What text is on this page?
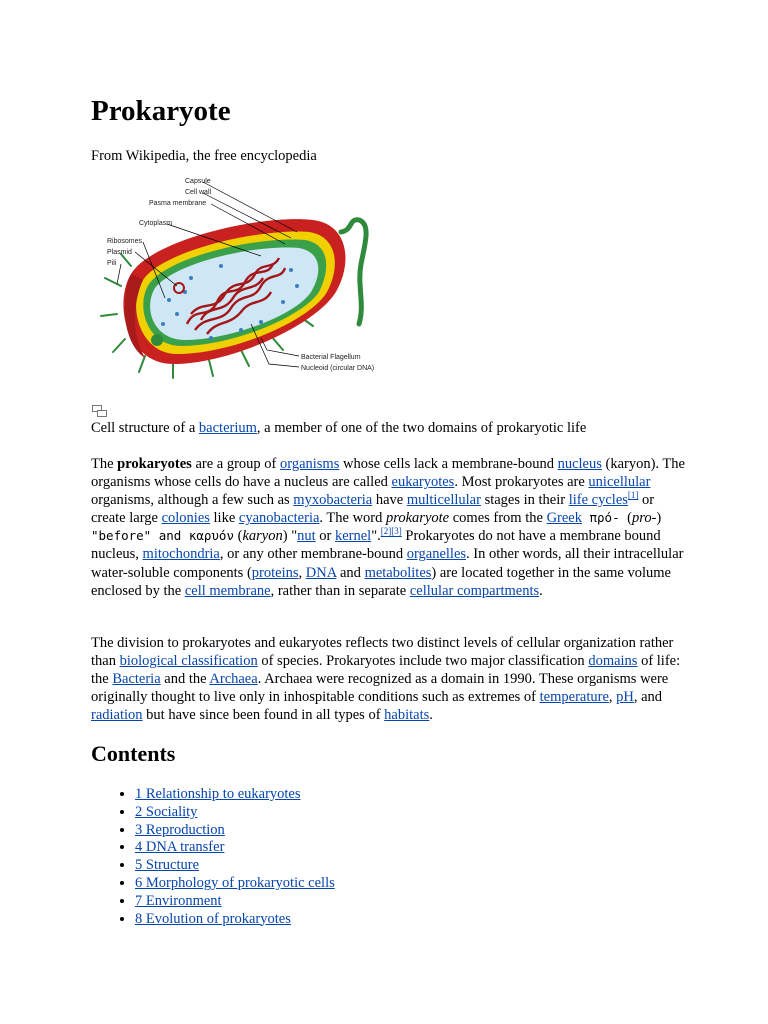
Prokaryote
From Wikipedia, the free encyclopedia
Capsule
Cell wall
Pasma membrane
Cytoplasm
Ribosomes
Plasmid
Pili
Bacterial Flagellum
Nucleoid (circular DNA)
Cell structure of a bacterium, a member of one of the two domains of prokaryotic life

The prokaryotes are a group of organisms whose cells lack a membrane-bound nucleus (karyon). The organisms whose cells do have a nucleus are called eukaryotes. Most prokaryotes are unicellular organisms, although a few such as myxobacteria have multicellular stages in their life cycles[1] or create large colonies like cyanobacteria. The word prokaryote comes from the Greek πρό- (pro-) "before" and καρυόν (karyon) "nut or kernel".[2][3] Prokaryotes do not have a membrane bound nucleus, mitochondria, or any other membrane-bound organelles. In other words, all their intracellular water-soluble components (proteins, DNA and metabolites) are located together in the same volume enclosed by the cell membrane, rather than in separate cellular compartments.

The division to prokaryotes and eukaryotes reflects two distinct levels of cellular organization rather than biological classification of species. Prokaryotes include two major classification domains of life: the Bacteria and the Archaea. Archaea were recognized as a domain in 1990. These organisms were originally thought to live only in inhospitable conditions such as extremes of temperature, pH, and radiation but have since been found in all types of habitats.

Contents
• 1 Relationship to eukaryotes
• 2 Sociality
• 3 Reproduction
• 4 DNA transfer
• 5 Structure
• 6 Morphology of prokaryotic cells
• 7 Environment
• 8 Evolution of prokaryotes
